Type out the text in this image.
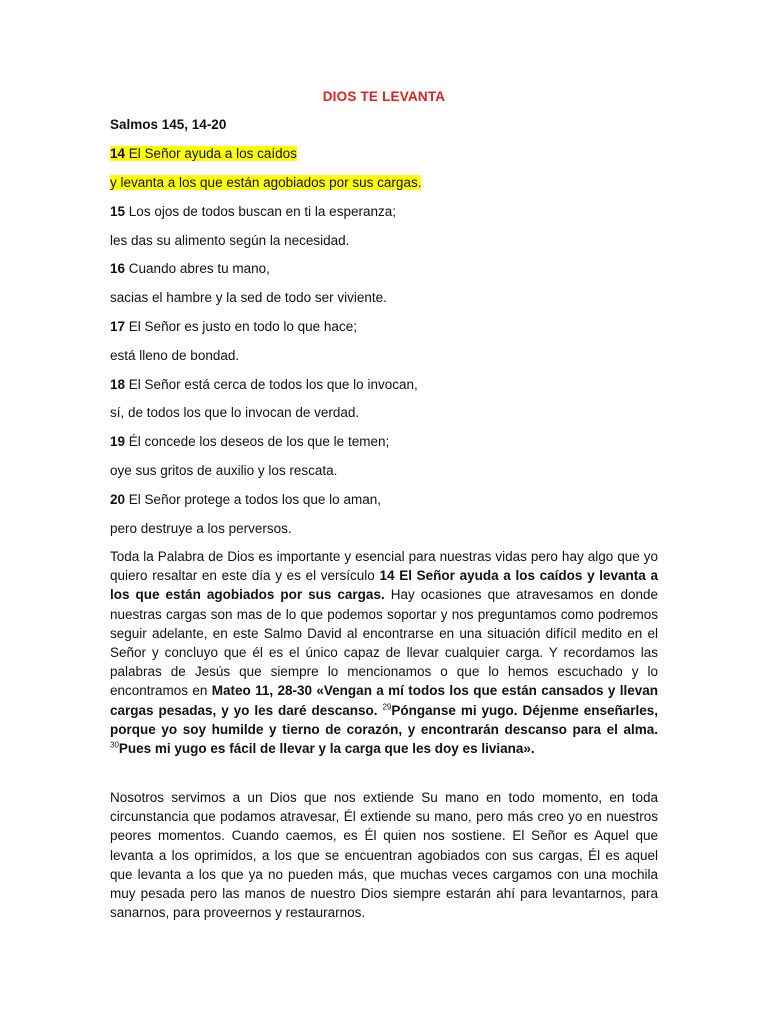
DIOS TE LEVANTA
Salmos 145, 14-20
14 El Señor ayuda a los caídos
y levanta a los que están agobiados por sus cargas.
15 Los ojos de todos buscan en ti la esperanza;
les das su alimento según la necesidad.
16 Cuando abres tu mano,
sacias el hambre y la sed de todo ser viviente.
17 El Señor es justo en todo lo que hace;
está lleno de bondad.
18 El Señor está cerca de todos los que lo invocan,
sí, de todos los que lo invocan de verdad.
19 Él concede los deseos de los que le temen;
oye sus gritos de auxilio y los rescata.
20 El Señor protege a todos los que lo aman,
pero destruye a los perversos.
Toda la Palabra de Dios es importante y esencial para nuestras vidas pero hay algo que yo quiero resaltar en este día y es el versículo 14 El Señor ayuda a los caídos y levanta a los que están agobiados por sus cargas. Hay ocasiones que atravesamos en donde nuestras cargas son mas de lo que podemos soportar y nos preguntamos como podremos seguir adelante, en este Salmo David al encontrarse en una situación difícil medito en el Señor y concluyo que él es el único capaz de llevar cualquier carga. Y recordamos las palabras de Jesús que siempre lo mencionamos o que lo hemos escuchado y lo encontramos en Mateo 11, 28-30 «Vengan a mí todos los que están cansados y llevan cargas pesadas, y yo les daré descanso. $^{29}$Pónganse mi yugo. Déjenme enseñarles, porque yo soy humilde y tierno de corazón, y encontrarán descanso para el alma. $^{30}$Pues mi yugo es fácil de llevar y la carga que les doy es liviana».
Nosotros servimos a un Dios que nos extiende Su mano en todo momento, en toda circunstancia que podamos atravesar, Él extiende su mano, pero más creo yo en nuestros peores momentos. Cuando caemos, es Él quien nos sostiene. El Señor es Aquel que levanta a los oprimidos, a los que se encuentran agobiados con sus cargas, Él es aquel que levanta a los que ya no pueden más, que muchas veces cargamos con una mochila muy pesada pero las manos de nuestro Dios siempre estarán ahí para levantarnos, para sanarnos, para proveernos y restaurarnos.
